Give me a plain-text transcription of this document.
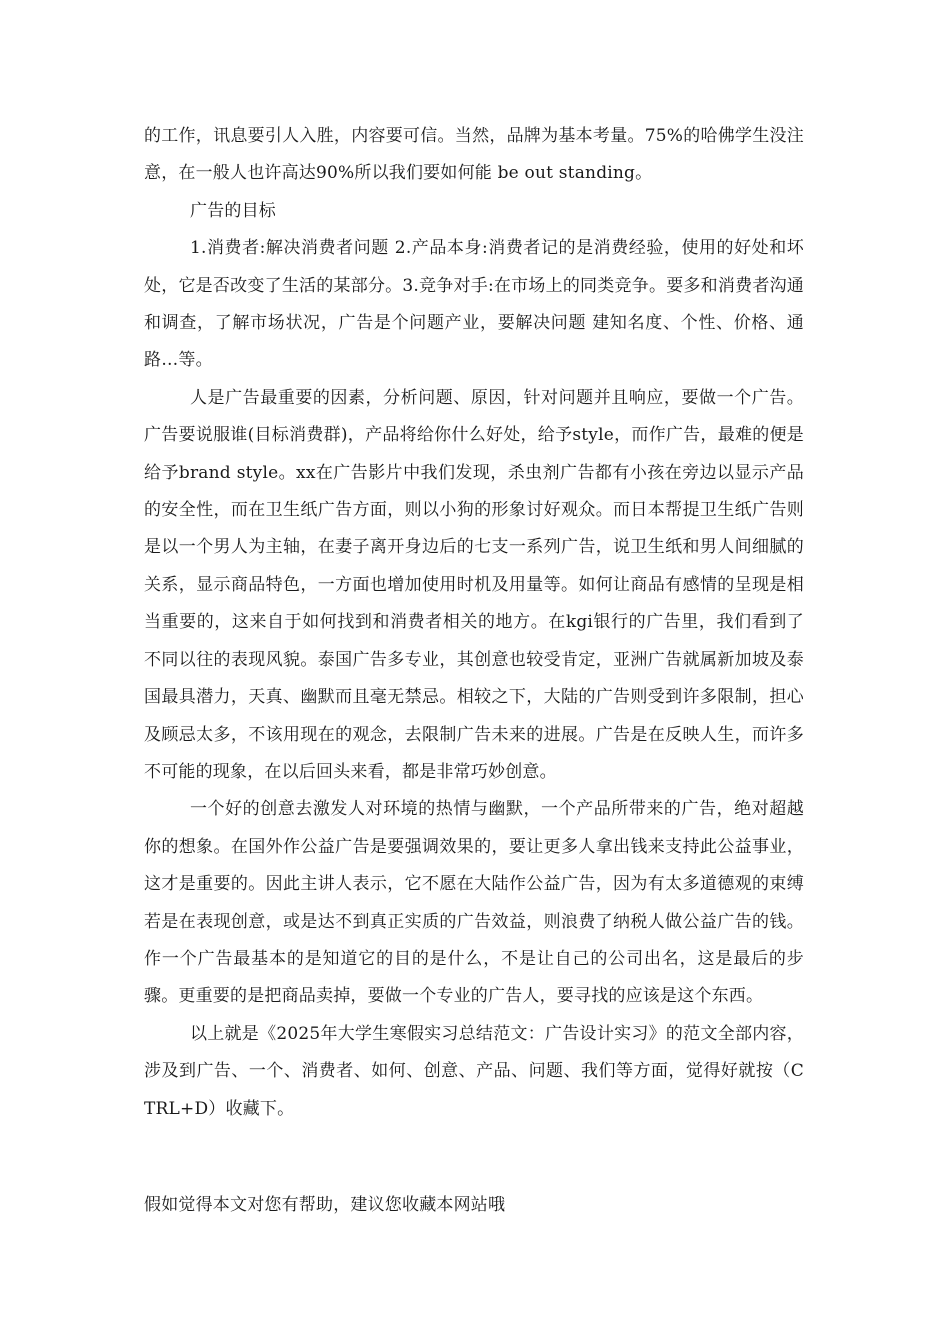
的工作，讯息要引人入胜，内容要可信。当然，品牌为基本考量。75%的哈佛学生没注意，在一般人也许高达90%所以我们要如何能 be out standing。

广告的目标

1.消费者:解决消费者问题 2.产品本身:消费者记的是消费经验，使用的好处和坏处，它是否改变了生活的某部分。3.竞争对手:在市场上的同类竞争。要多和消费者沟通和调查，了解市场状况，广告是个问题产业，要解决问题 建知名度、个性、价格、通路…等。

人是广告最重要的因素，分析问题、原因，针对问题并且响应，要做一个广告。广告要说服谁(目标消费群)，产品将给你什么好处，给予style，而作广告，最难的便是给予brand style。xx在广告影片中我们发现，杀虫剂广告都有小孩在旁边以显示产品的安全性，而在卫生纸广告方面，则以小狗的形象讨好观众。而日本帮提卫生纸广告则是以一个男人为主轴，在妻子离开身边后的七支一系列广告，说卫生纸和男人间细腻的关系，显示商品特色，一方面也增加使用时机及用量等。如何让商品有感情的呈现是相当重要的，这来自于如何找到和消费者相关的地方。在kgi银行的广告里，我们看到了不同以往的表现风貌。泰国广告多专业，其创意也较受肯定，亚洲广告就属新加坡及泰国最具潜力，天真、幽默而且毫无禁忌。相较之下，大陆的广告则受到许多限制，担心及顾忌太多，不该用现在的观念，去限制广告未来的进展。广告是在反映人生，而许多不可能的现象，在以后回头来看，都是非常巧妙创意。

一个好的创意去激发人对环境的热情与幽默，一个产品所带来的广告，绝对超越你的想象。在国外作公益广告是要强调效果的，要让更多人拿出钱来支持此公益事业，这才是重要的。因此主讲人表示，它不愿在大陆作公益广告，因为有太多道德观的束缚若是在表现创意，或是达不到真正实质的广告效益，则浪费了纳税人做公益广告的钱。作一个广告最基本的是知道它的目的是什么，不是让自己的公司出名，这是最后的步骤。更重要的是把商品卖掉，要做一个专业的广告人，要寻找的应该是这个东西。

以上就是《2025年大学生寒假实习总结范文：广告设计实习》的范文全部内容，涉及到广告、一个、消费者、如何、创意、产品、问题、我们等方面，觉得好就按（CTRL+D）收藏下。

假如觉得本文对您有帮助，建议您收藏本网站哦
